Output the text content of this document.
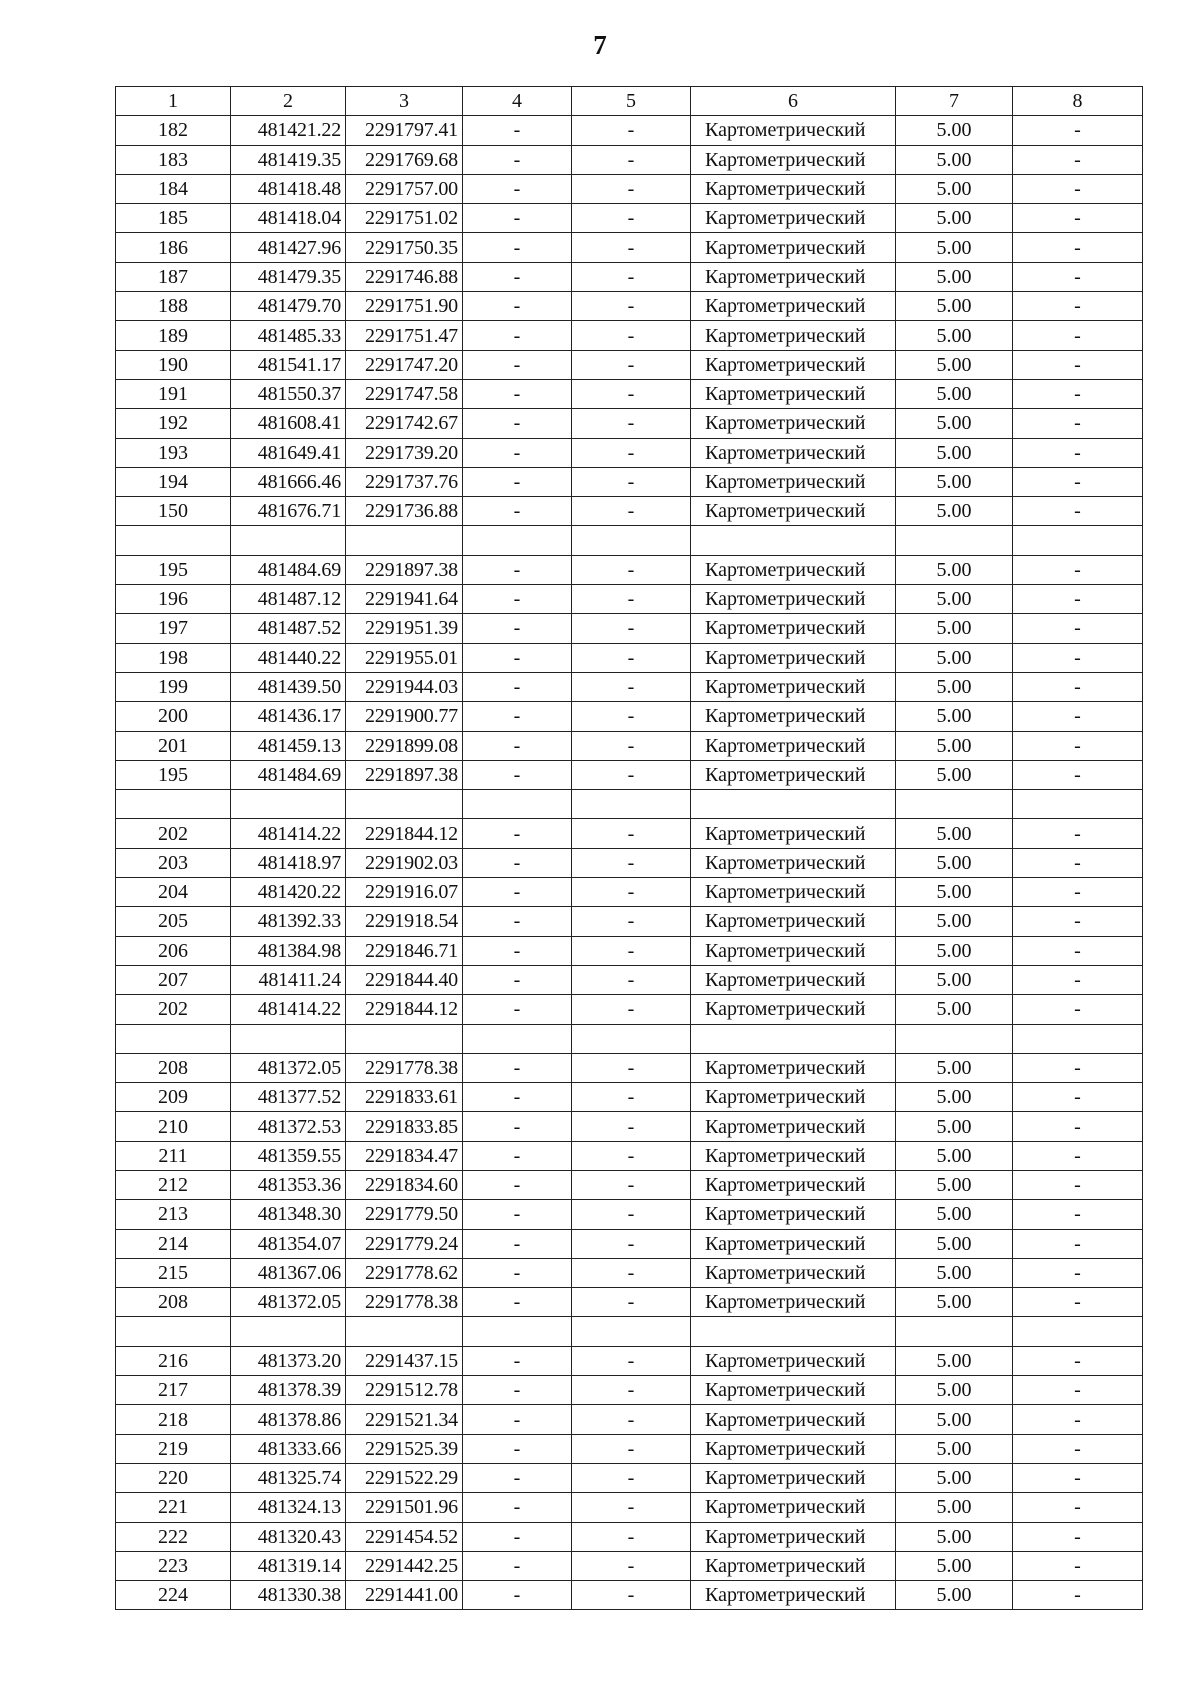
7
1	2	3	4	5	6	7	8
182	481421.22	2291797.41	-	-	Картометрический	5.00	-
183	481419.35	2291769.68	-	-	Картометрический	5.00	-
184	481418.48	2291757.00	-	-	Картометрический	5.00	-
185	481418.04	2291751.02	-	-	Картометрический	5.00	-
186	481427.96	2291750.35	-	-	Картометрический	5.00	-
187	481479.35	2291746.88	-	-	Картометрический	5.00	-
188	481479.70	2291751.90	-	-	Картометрический	5.00	-
189	481485.33	2291751.47	-	-	Картометрический	5.00	-
190	481541.17	2291747.20	-	-	Картометрический	5.00	-
191	481550.37	2291747.58	-	-	Картометрический	5.00	-
192	481608.41	2291742.67	-	-	Картометрический	5.00	-
193	481649.41	2291739.20	-	-	Картометрический	5.00	-
194	481666.46	2291737.76	-	-	Картометрический	5.00	-
150	481676.71	2291736.88	-	-	Картометрический	5.00	-

195	481484.69	2291897.38	-	-	Картометрический	5.00	-
196	481487.12	2291941.64	-	-	Картометрический	5.00	-
197	481487.52	2291951.39	-	-	Картометрический	5.00	-
198	481440.22	2291955.01	-	-	Картометрический	5.00	-
199	481439.50	2291944.03	-	-	Картометрический	5.00	-
200	481436.17	2291900.77	-	-	Картометрический	5.00	-
201	481459.13	2291899.08	-	-	Картометрический	5.00	-
195	481484.69	2291897.38	-	-	Картометрический	5.00	-

202	481414.22	2291844.12	-	-	Картометрический	5.00	-
203	481418.97	2291902.03	-	-	Картометрический	5.00	-
204	481420.22	2291916.07	-	-	Картометрический	5.00	-
205	481392.33	2291918.54	-	-	Картометрический	5.00	-
206	481384.98	2291846.71	-	-	Картометрический	5.00	-
207	481411.24	2291844.40	-	-	Картометрический	5.00	-
202	481414.22	2291844.12	-	-	Картометрический	5.00	-

208	481372.05	2291778.38	-	-	Картометрический	5.00	-
209	481377.52	2291833.61	-	-	Картометрический	5.00	-
210	481372.53	2291833.85	-	-	Картометрический	5.00	-
211	481359.55	2291834.47	-	-	Картометрический	5.00	-
212	481353.36	2291834.60	-	-	Картометрический	5.00	-
213	481348.30	2291779.50	-	-	Картометрический	5.00	-
214	481354.07	2291779.24	-	-	Картометрический	5.00	-
215	481367.06	2291778.62	-	-	Картометрический	5.00	-
208	481372.05	2291778.38	-	-	Картометрический	5.00	-

216	481373.20	2291437.15	-	-	Картометрический	5.00	-
217	481378.39	2291512.78	-	-	Картометрический	5.00	-
218	481378.86	2291521.34	-	-	Картометрический	5.00	-
219	481333.66	2291525.39	-	-	Картометрический	5.00	-
220	481325.74	2291522.29	-	-	Картометрический	5.00	-
221	481324.13	2291501.96	-	-	Картометрический	5.00	-
222	481320.43	2291454.52	-	-	Картометрический	5.00	-
223	481319.14	2291442.25	-	-	Картометрический	5.00	-
224	481330.38	2291441.00	-	-	Картометрический	5.00	-
